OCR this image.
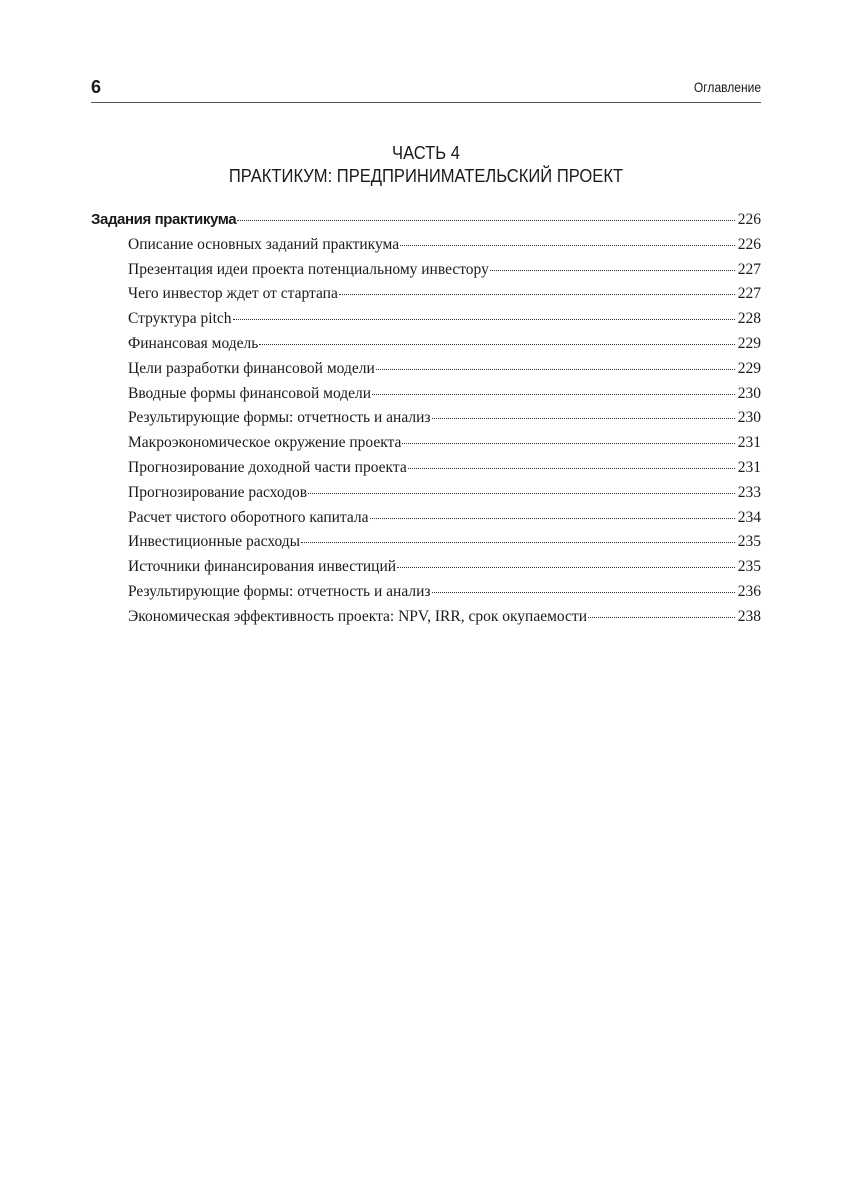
6	Оглавление
ЧАСТЬ 4
ПРАКТИКУМ: ПРЕДПРИНИМАТЕЛЬСКИЙ ПРОЕКТ
Задания практикума	226
Описание основных заданий практикума	226
Презентация идеи проекта потенциальному инвестору	227
Чего инвестор ждет от стартапа	227
Структура pitch	228
Финансовая модель	229
Цели разработки финансовой модели	229
Вводные формы финансовой модели	230
Результирующие формы: отчетность и анализ	230
Макроэкономическое окружение проекта	231
Прогнозирование доходной части проекта	231
Прогнозирование расходов	233
Расчет чистого оборотного капитала	234
Инвестиционные расходы	235
Источники финансирования инвестиций	235
Результирующие формы: отчетность и анализ	236
Экономическая эффективность проекта: NPV, IRR, срок окупаемости	238
